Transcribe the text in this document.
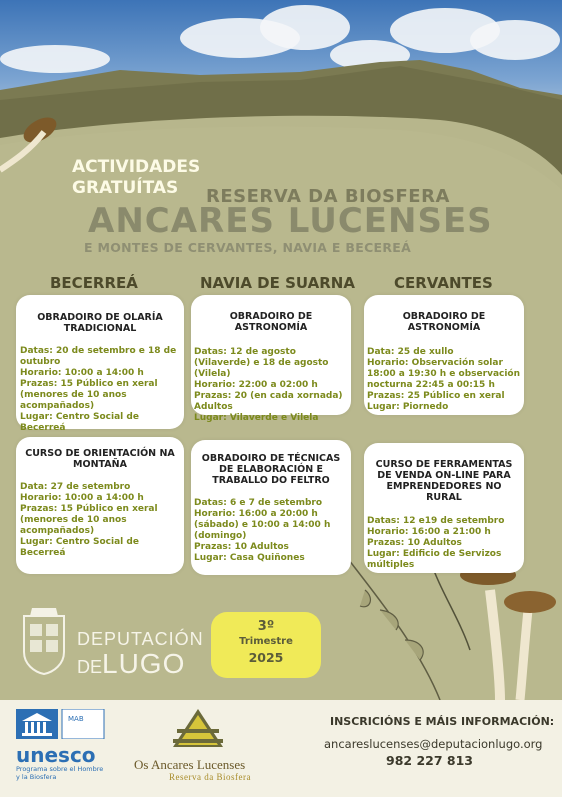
ACTIVIDADES
GRATUÍTAS RESERVA DA BIOSFERA
ANCARES LUCENSES
E MONTES DE CERVANTES, NAVIA E BECEREÁ
BECERREÁ	NAVIA DE SUARNA	CERVANTES
OBRADOIRO DE OLARÍA TRADICIONAL
Datas: 20 de setembro e 18 de outubro
Horario: 10:00 a 14:00 h
Prazas: 15 Público en xeral (menores de 10 anos acompañados)
Lugar: Centro Social de Becerreá
OBRADOIRO DE ASTRONOMÍA
Datas: 12 de agosto (Vilaverde) e 18 de agosto (Vilela)
Horario: 22:00 a 02:00 h
Prazas: 20 (en cada xornada) Adultos
Lugar: Vilaverde e Vilela
OBRADOIRO DE ASTRONOMÍA
Data: 25 de xullo
Horario: Observación solar 18:00 a 19:30 h e observación nocturna 22:45 a 00:15 h
Prazas: 25 Público en xeral
Lugar: Piornedo
CURSO DE ORIENTACIÓN NA MONTAÑA
Data: 27 de setembro
Horario: 10:00 a 14:00 h
Prazas: 15 Público en xeral (menores de 10 anos acompañados)
Lugar: Centro Social de Becerreá
OBRADOIRO DE TÉCNICAS DE ELABORACIÓN E TRABALLO DO FELTRO
Datas: 6 e 7 de setembro
Horario: 16:00 a 20:00 h (sábado) e 10:00 a 14:00 h (domingo)
Prazas: 10 Adultos
Lugar: Casa Quiñones
CURSO DE FERRAMENTAS DE VENDA ON-LINE PARA EMPRENDEDORES NO RURAL
Datas: 12 e19 de setembro
Horario: 16:00 a 21:00 h
Prazas: 10 Adultos
Lugar: Edificio de Servizos múltiples
DEPUTACIÓN
DELUGO
3º
Trimestre
2025
MAB
unesco
Programa sobre el Hombre
y la Biosfera
Os Ancares Lucenses
Reserva da Biosfera
INSCRICIÓNS E MÁIS INFORMACIÓN:
ancareslucenses@deputacionlugo.org
982 227 813
